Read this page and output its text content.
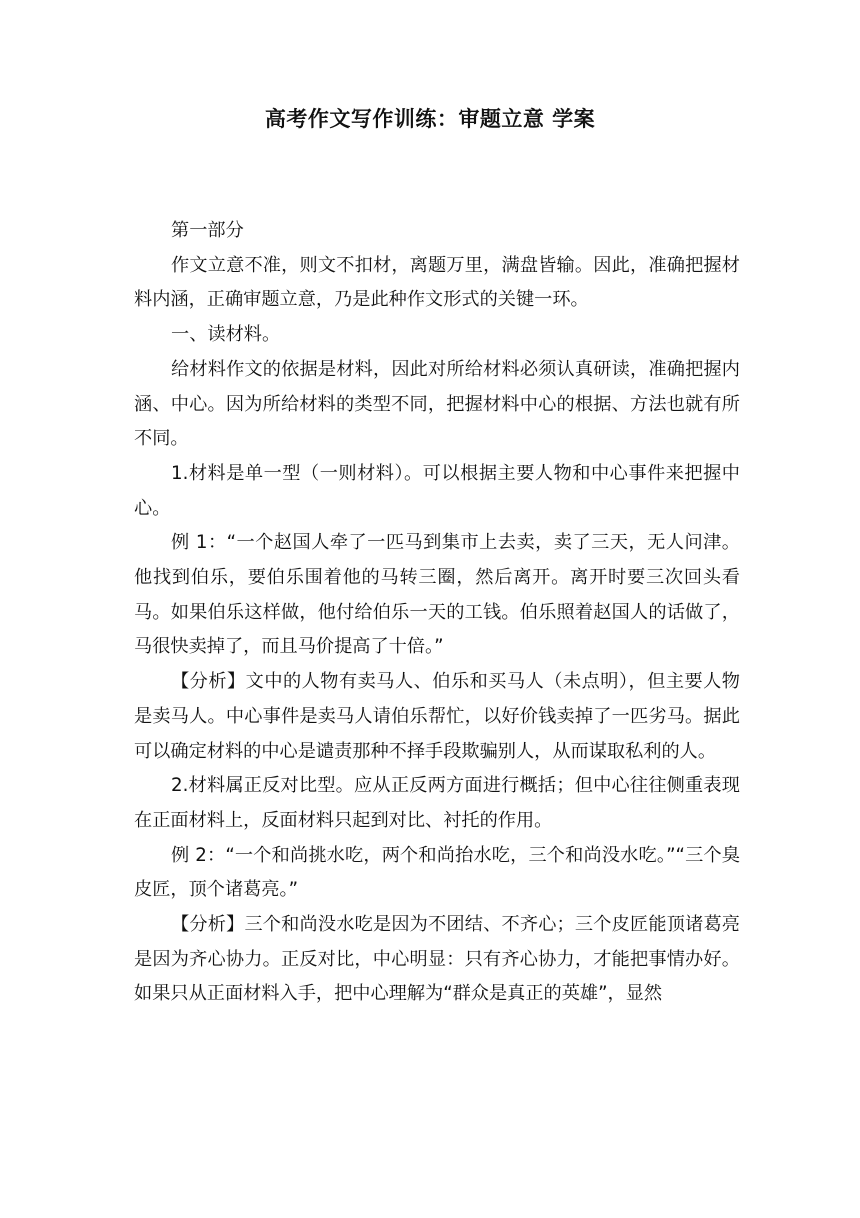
高考作文写作训练：审题立意 学案

第一部分

作文立意不准，则文不扣材，离题万里，满盘皆输。因此，准确把握材料内涵，正确审题立意，乃是此种作文形式的关键一环。

一、读材料。

给材料作文的依据是材料，因此对所给材料必须认真研读，准确把握内涵、中心。因为所给材料的类型不同，把握材料中心的根据、方法也就有所不同。

1.材料是单一型（一则材料）。可以根据主要人物和中心事件来把握中心。

例 1：“一个赵国人牵了一匹马到集市上去卖，卖了三天，无人问津。他找到伯乐，要伯乐围着他的马转三圈，然后离开。离开时要三次回头看马。如果伯乐这样做，他付给伯乐一天的工钱。伯乐照着赵国人的话做了，马很快卖掉了，而且马价提高了十倍。”

【分析】文中的人物有卖马人、伯乐和买马人（未点明），但主要人物是卖马人。中心事件是卖马人请伯乐帮忙，以好价钱卖掉了一匹劣马。据此可以确定材料的中心是谴责那种不择手段欺骗别人，从而谋取私利的人。

2.材料属正反对比型。应从正反两方面进行概括；但中心往往侧重表现在正面材料上，反面材料只起到对比、衬托的作用。

例 2：“一个和尚挑水吃，两个和尚抬水吃，三个和尚没水吃。”“三个臭皮匠，顶个诸葛亮。”

【分析】三个和尚没水吃是因为不团结、不齐心；三个皮匠能顶诸葛亮是因为齐心协力。正反对比，中心明显：只有齐心协力，才能把事情办好。如果只从正面材料入手，把中心理解为“群众是真正的英雄”，显然
